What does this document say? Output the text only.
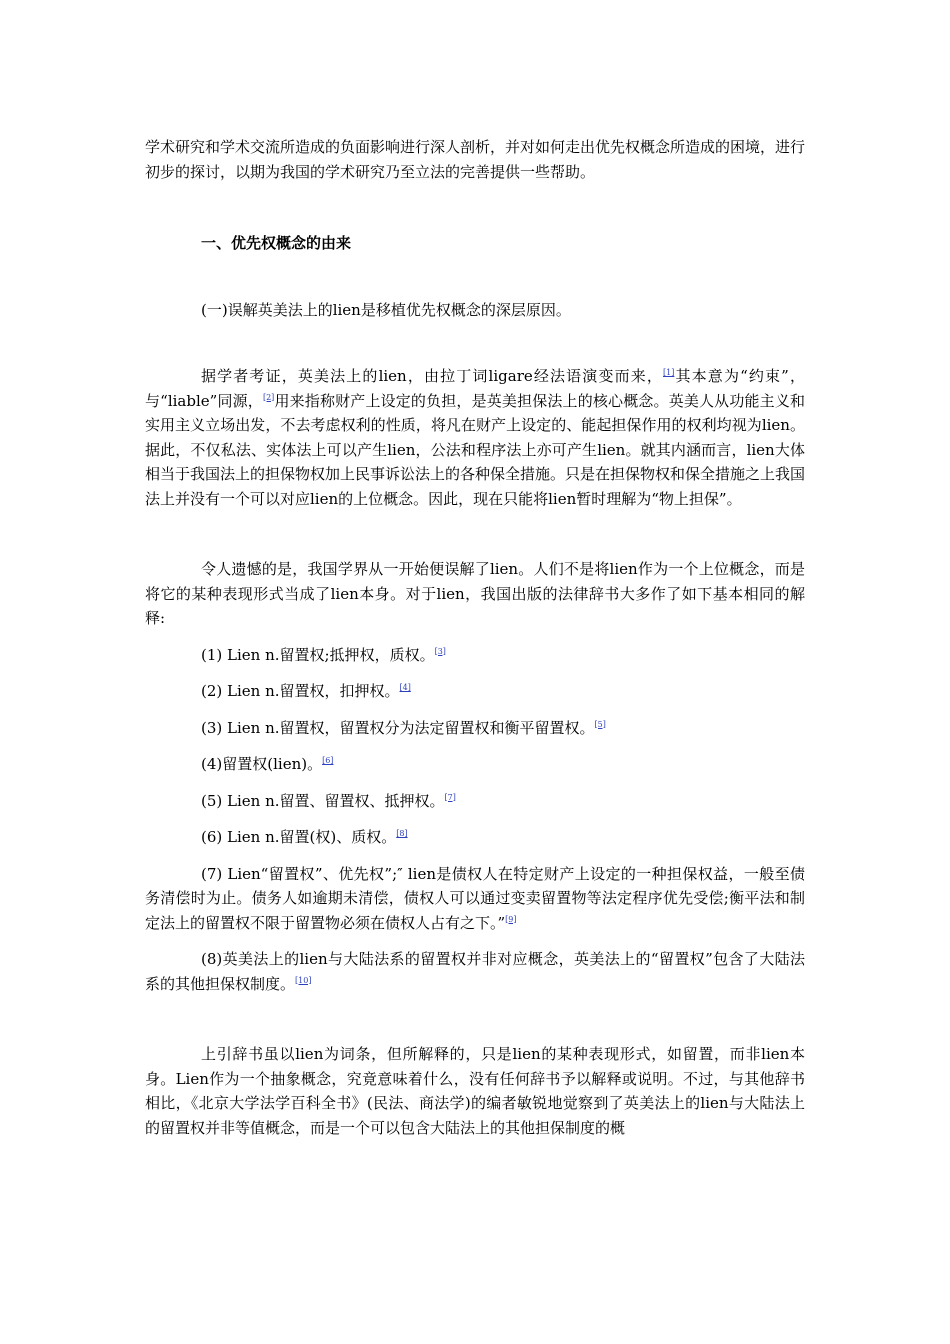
学术研究和学术交流所造成的负面影响进行深人剖析，并对如何走出优先权概念所造成的困境，进行初步的探讨，以期为我国的学术研究乃至立法的完善提供一些帮助。

一、优先权概念的由来

(一)误解英美法上的lien是移植优先权概念的深层原因。

据学者考证，英美法上的lien，由拉丁词ligare经法语演变而来，[1]其本意为“约束”，与“liable”同源，[2]用来指称财产上设定的负担，是英美担保法上的核心概念。英美人从功能主义和实用主义立场出发，不去考虑权利的性质，将凡在财产上设定的、能起担保作用的权利均视为lien。据此，不仅私法、实体法上可以产生lien，公法和程序法上亦可产生lien。就其内涵而言，lien大体相当于我国法上的担保物权加上民事诉讼法上的各种保全措施。只是在担保物权和保全措施之上我国法上并没有一个可以对应lien的上位概念。因此，现在只能将lien暂时理解为“物上担保”。

令人遗憾的是，我国学界从一开始便误解了lien。人们不是将lien作为一个上位概念，而是将它的某种表现形式当成了lien本身。对于lien，我国出版的法律辞书大多作了如下基本相同的解释:

(1) Lien n.留置权;抵押权，质权。[3]

(2) Lien n.留置权，扣押权。[4]

(3) Lien n.留置权，留置权分为法定留置权和衡平留置权。[5]

(4)留置权(lien)。[6]

(5) Lien n.留置、留置权、抵押权。[7]

(6) Lien n.留置(权)、质权。[8]

(7) Lien“留置权”、优先权”;″ lien是债权人在特定财产上设定的一种担保权益，一般至债务清偿时为止。债务人如逾期未清偿，债权人可以通过变卖留置物等法定程序优先受偿;衡平法和制定法上的留置权不限于留置物必须在债权人占有之下。”[9]

(8)英美法上的lien与大陆法系的留置权并非对应概念，英美法上的“留置权”包含了大陆法系的其他担保权制度。[10]

上引辞书虽以lien为词条，但所解释的，只是lien的某种表现形式，如留置，而非lien本身。Lien作为一个抽象概念，究竟意味着什么，没有任何辞书予以解释或说明。不过，与其他辞书相比，《北京大学法学百科全书》(民法、商法学)的编者敏锐地觉察到了英美法上的lien与大陆法上的留置权并非等值概念，而是一个可以包含大陆法上的其他担保制度的概
